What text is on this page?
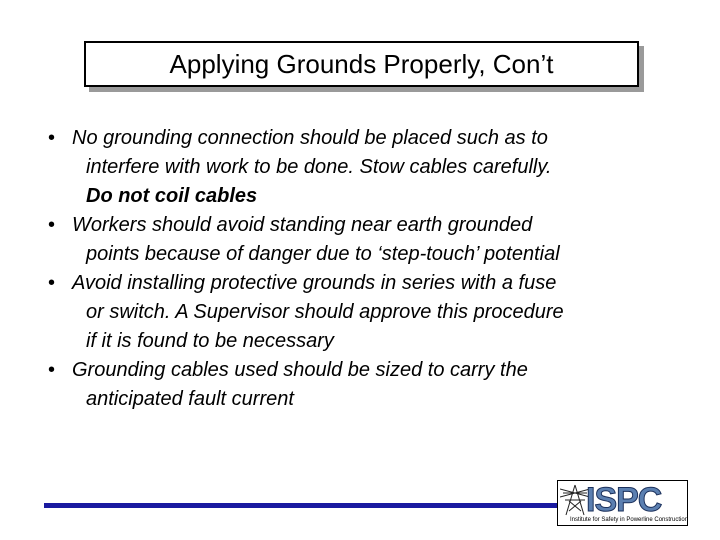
Applying Grounds Properly, Con’t
• No grounding connection should be placed such as to
interfere with work to be done. Stow cables carefully.
Do not coil cables
• Workers should avoid standing near earth grounded
points because of danger due to ‘step-touch’ potential
• Avoid installing protective grounds in series with a fuse
or switch. A Supervisor should approve this procedure
if it is found to be necessary
• Grounding cables used should be sized to carry the
anticipated fault current
ISPC
Institute for Safety in Powerline Construction
